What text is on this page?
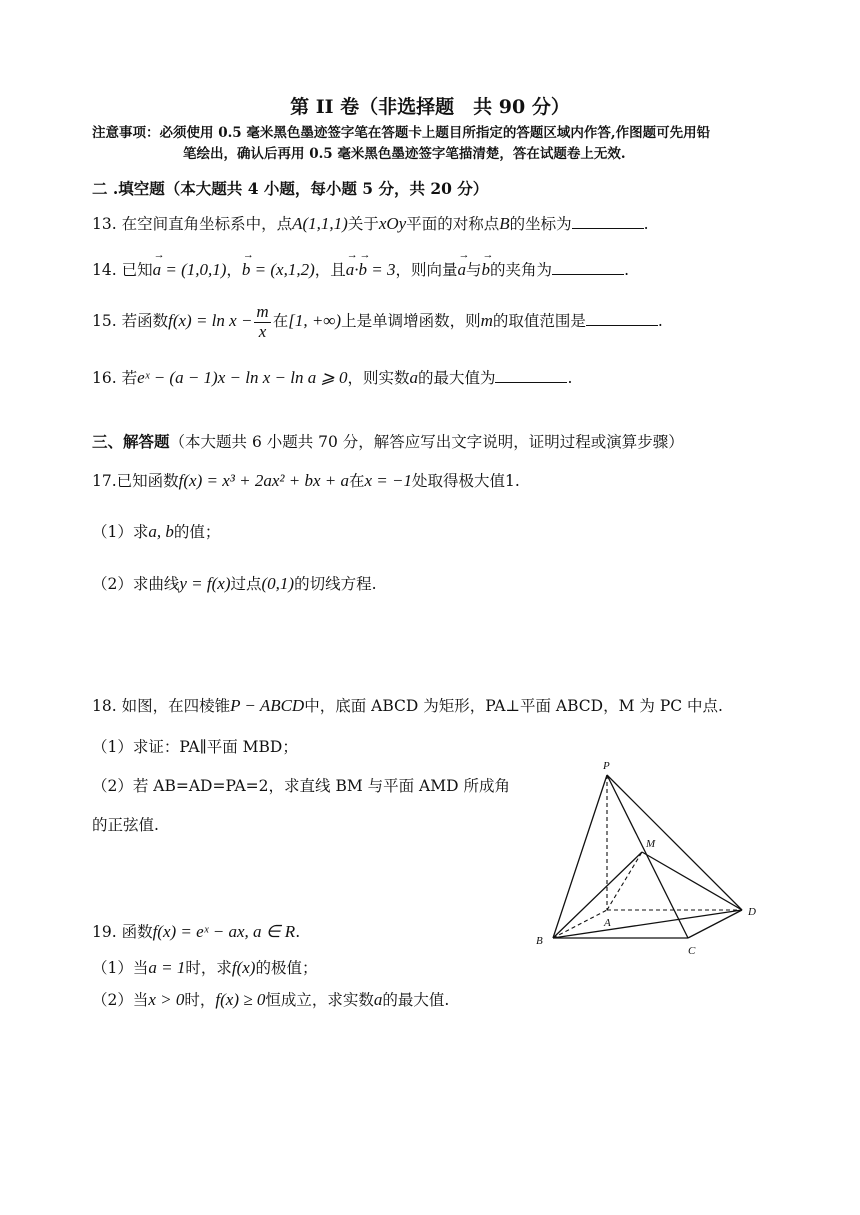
第 II 卷（非选择题　共 90 分）
注意事项：必须使用 0.5 毫米黑色墨迹签字笔在答题卡上题目所指定的答题区域内作答,作图题可先用铅
笔绘出，确认后再用 0.5 毫米黑色墨迹签字笔描清楚，答在试题卷上无效.
二 .填空题（本大题共 4 小题，每小题 5 分，共 20 分）
13. 在空间直角坐标系中，点A(1,1,1)关于xOy平面的对称点B的坐标为	.
14. 已知→ a = (1,0,1)，→ b = (x,1,2)，且→ a·→ b = 3，则向量→ a与→ b的夹角为	.
15. 若函数$f(x) = \ln x - \frac{m}{x}$ 在[1, +∞)上是单调增函数，则m的取值范围是	.
16. 若eˣ − (a − 1)x − ln x − ln a ⩾ 0，则实数a的最大值为	.
三、解答题（本大题共 6 小题共 70 分，解答应写出文字说明，证明过程或演算步骤）
17.已知函数f(x) = x³ + 2ax² + bx + a在x = −1处取得极大值1.
（1）求a, b的值；
（2）求曲线y = f(x)过点(0,1)的切线方程.
18. 如图，在四棱锥P − ABCD中，底面 ABCD 为矩形，PA⊥平面 ABCD，M 为 PC 中点.
（1）求证：PA∥平面 MBD；
（2）若 AB=AD=PA=2，求直线 BM 与平面 AMD 所成角
的正弦值.
P
M
A
B
C
D
19. 函数f(x) = eˣ − ax, a ∈ R.
（1）当a = 1时，求f(x)的极值；
（2）当x > 0时，f(x) ≥ 0恒成立，求实数a的最大值.
